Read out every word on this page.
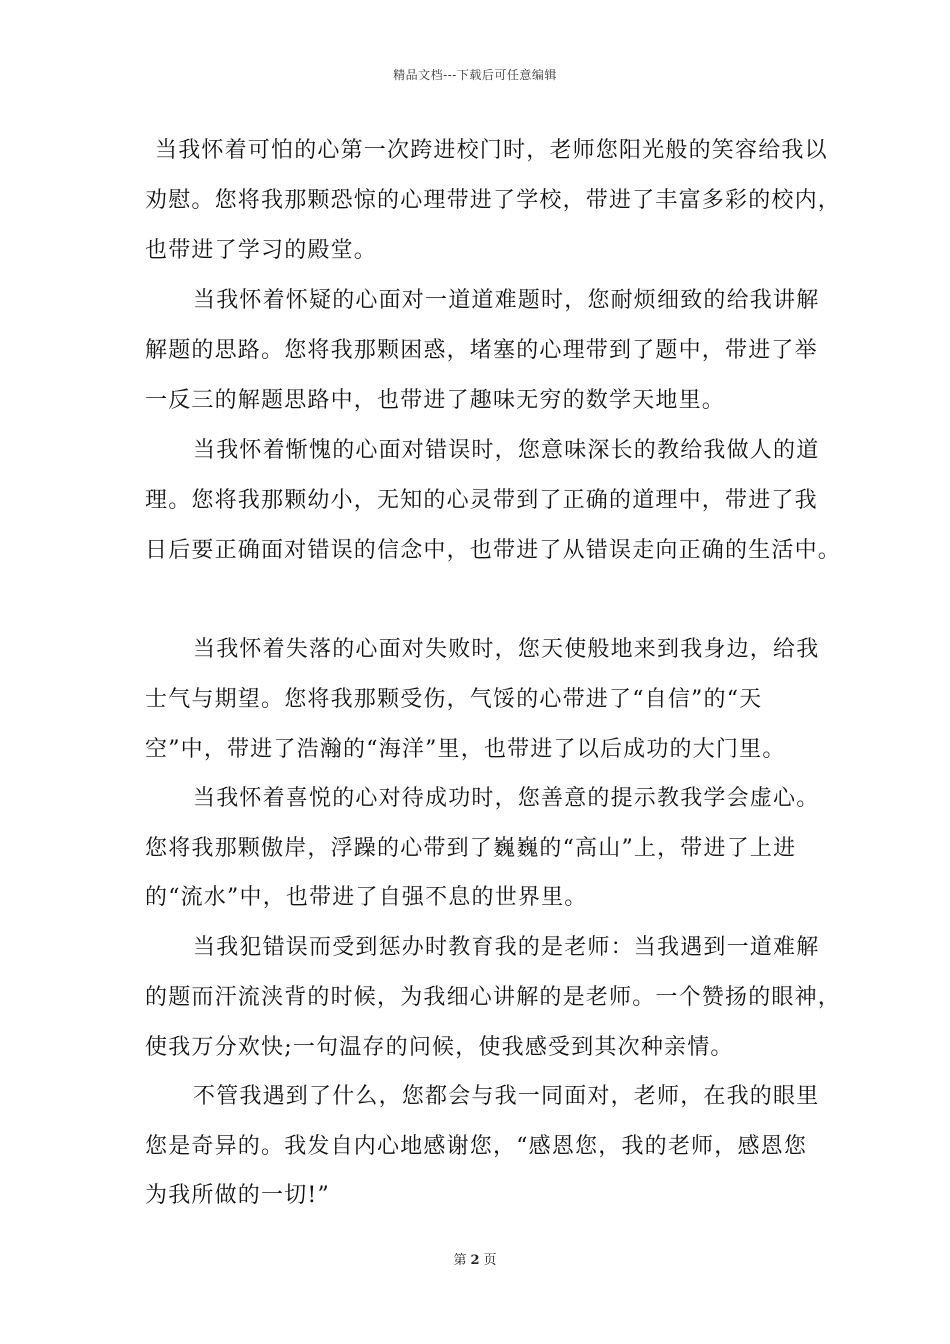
精品文档---下载后可任意编辑
当我怀着可怕的心第一次跨进校门时，老师您阳光般的笑容给我以
劝慰。您将我那颗恐惊的心理带进了学校，带进了丰富多彩的校内，
也带进了学习的殿堂。
当我怀着怀疑的心面对一道道难题时，您耐烦细致的给我讲解
解题的思路。您将我那颗困惑，堵塞的心理带到了题中，带进了举
一反三的解题思路中，也带进了趣味无穷的数学天地里。
当我怀着惭愧的心面对错误时，您意味深长的教给我做人的道
理。您将我那颗幼小，无知的心灵带到了正确的道理中，带进了我
日后要正确面对错误的信念中，也带进了从错误走向正确的生活中。
当我怀着失落的心面对失败时，您天使般地来到我身边，给我
士气与期望。您将我那颗受伤，气馁的心带进了“自信”的“天
空”中，带进了浩瀚的“海洋”里，也带进了以后成功的大门里。
当我怀着喜悦的心对待成功时，您善意的提示教我学会虚心。
您将我那颗傲岸，浮躁的心带到了巍巍的“高山”上，带进了上进
的“流水”中，也带进了自强不息的世界里。
当我犯错误而受到惩办时教育我的是老师：当我遇到一道难解
的题而汗流浃背的时候，为我细心讲解的是老师。一个赞扬的眼神，
使我万分欢快;一句温存的问候，使我感受到其次种亲情。
不管我遇到了什么，您都会与我一同面对，老师，在我的眼里
您是奇异的。我发自内心地感谢您，“感恩您，我的老师，感恩您
为我所做的一切!”
第 2 页
